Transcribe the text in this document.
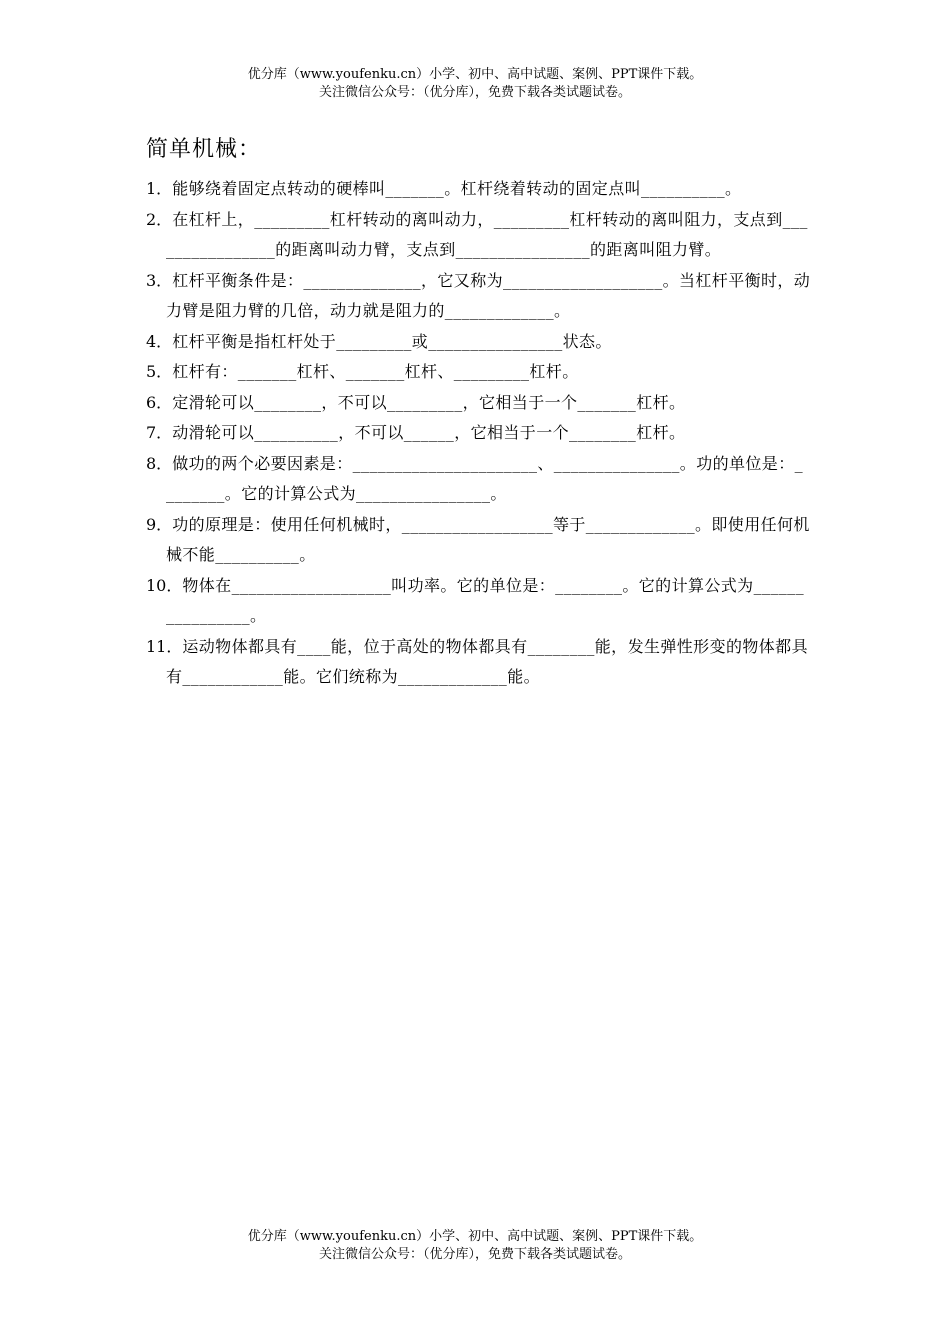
优分库（www.youfenku.cn）小学、初中、高中试题、案例、PPT课件下载。
关注微信公众号：（优分库），免费下载各类试题试卷。
简单机械：
1．能够绕着固定点转动的硬棒叫_______。杠杆绕着转动的固定点叫__________。
2．在杠杆上，_________杠杆转动的离叫动力，_________杠杆转动的离叫阻力，支点到________________的距离叫动力臂，支点到________________的距离叫阻力臂。
3．杠杆平衡条件是：______________，它又称为___________________。当杠杆平衡时，动力臂是阻力臂的几倍，动力就是阻力的_____________。
4．杠杆平衡是指杠杆处于_________或________________状态。
5．杠杆有：_______杠杆、_______杠杆、_________杠杆。
6．定滑轮可以________，不可以_________，它相当于一个_______杠杆。
7．动滑轮可以__________，不可以______，它相当于一个________杠杆。
8．做功的两个必要因素是：______________________、_______________。功的单位是：________。它的计算公式为________________。
9．功的原理是：使用任何机械时，__________________等于_____________。即使用任何机械不能__________。
10．物体在___________________叫功率。它的单位是：________。它的计算公式为________________。
11．运动物体都具有____能，位于高处的物体都具有________能，发生弹性形变的物体都具有____________能。它们统称为_____________能。
优分库（www.youfenku.cn）小学、初中、高中试题、案例、PPT课件下载。
关注微信公众号：（优分库），免费下载各类试题试卷。
